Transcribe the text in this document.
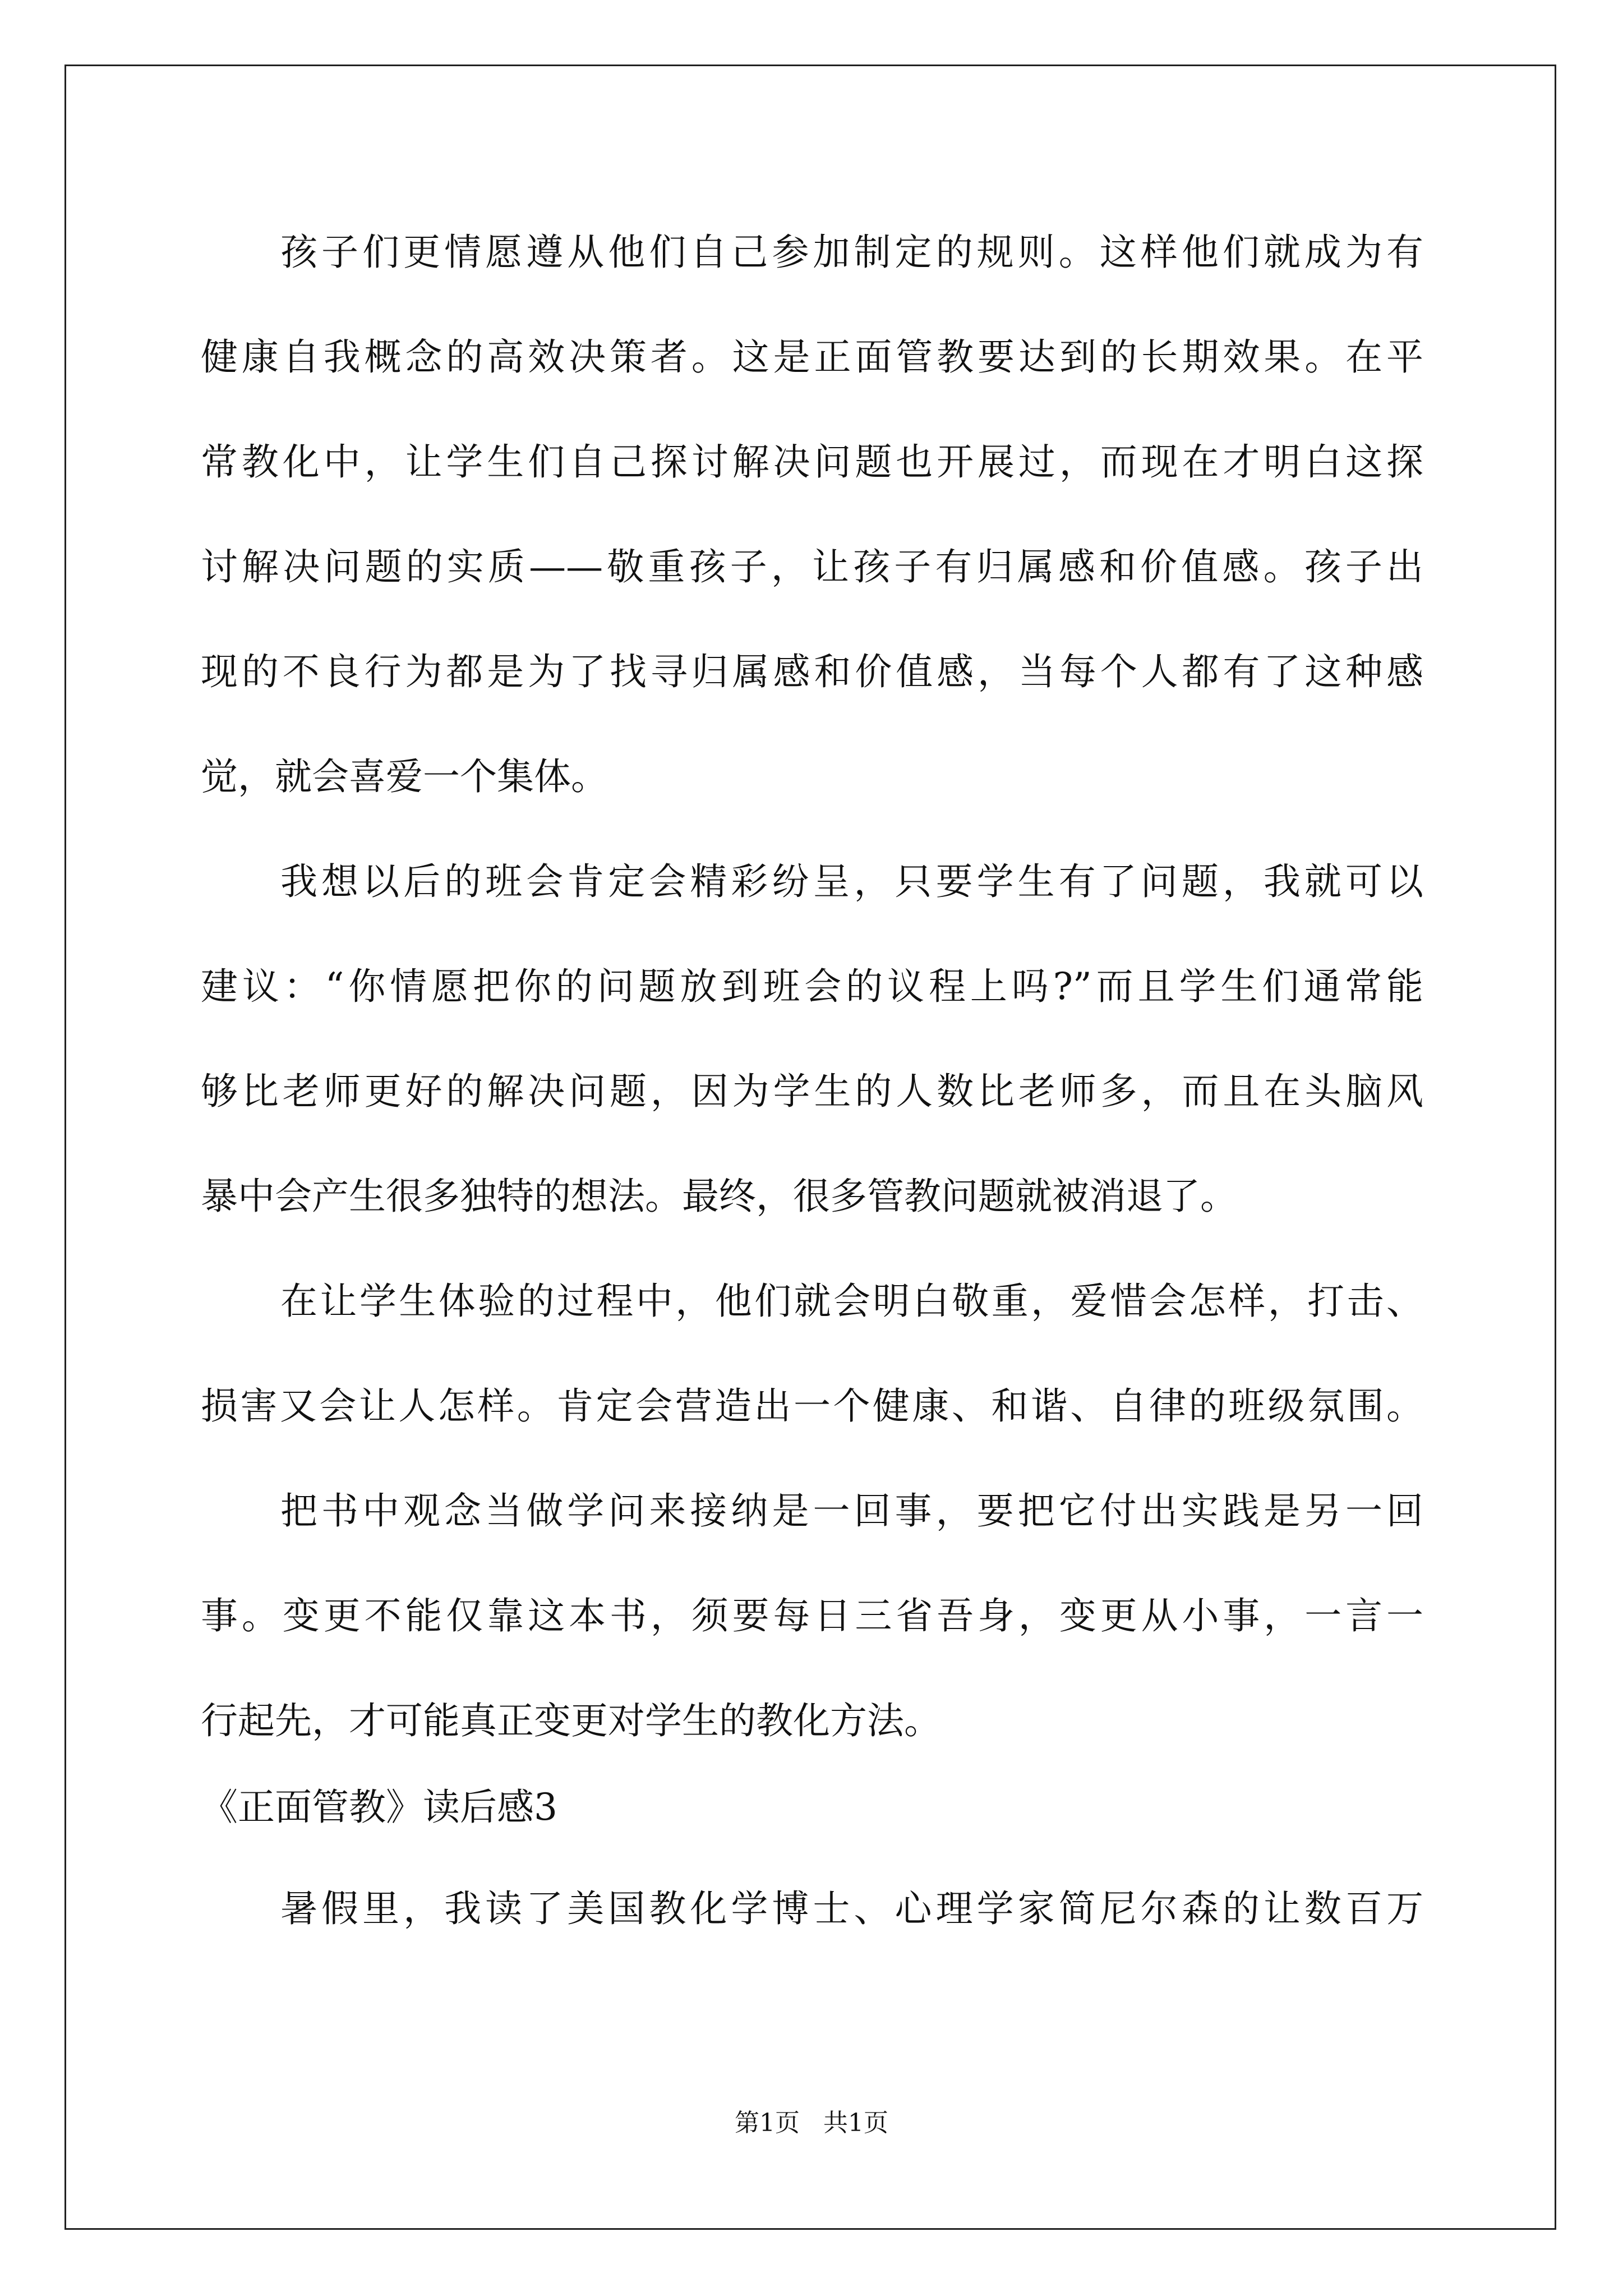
孩子们更情愿遵从他们自己参加制定的规则。这样他们就成为有
健康自我概念的高效决策者。这是正面管教要达到的长期效果。在平
常教化中，让学生们自己探讨解决问题也开展过，而现在才明白这探
讨解决问题的实质——敬重孩子，让孩子有归属感和价值感。孩子出
现的不良行为都是为了找寻归属感和价值感，当每个人都有了这种感
觉，就会喜爱一个集体。
我想以后的班会肯定会精彩纷呈，只要学生有了问题，我就可以
建议：“你情愿把你的问题放到班会的议程上吗?”而且学生们通常能
够比老师更好的解决问题，因为学生的人数比老师多，而且在头脑风
暴中会产生很多独特的想法。最终，很多管教问题就被消退了。
在让学生体验的过程中，他们就会明白敬重，爱惜会怎样，打击、
损害又会让人怎样。肯定会营造出一个健康、和谐、自律的班级氛围。
把书中观念当做学问来接纳是一回事，要把它付出实践是另一回
事。变更不能仅靠这本书，须要每日三省吾身，变更从小事，一言一
行起先，才可能真正变更对学生的教化方法。
《正面管教》读后感3
暑假里，我读了美国教化学博士、心理学家简尼尔森的让数百万
第1页   共1页
